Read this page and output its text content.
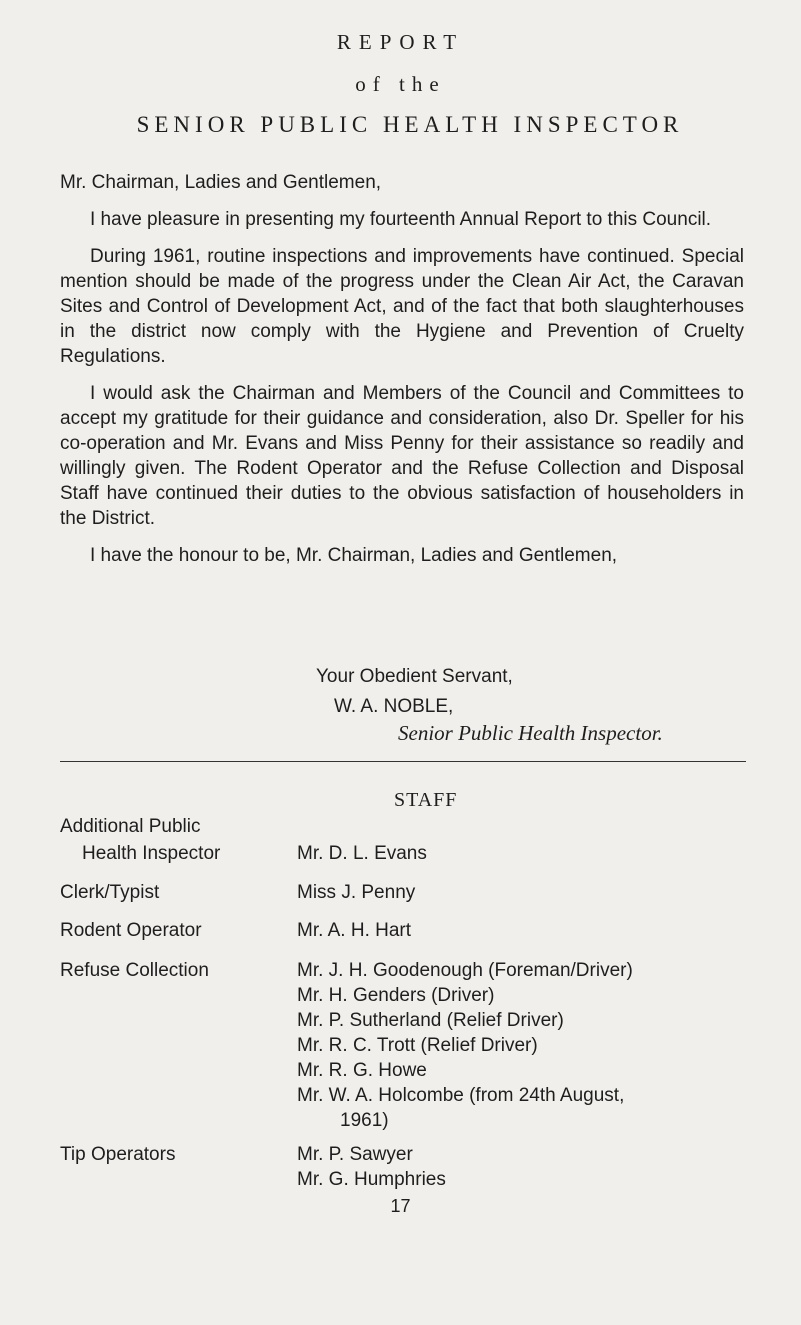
REPORT
of the
SENIOR PUBLIC HEALTH INSPECTOR

Mr. Chairman, Ladies and Gentlemen,

I have pleasure in presenting my fourteenth Annual Report to this Council.

During 1961, routine inspections and improvements have continued. Special mention should be made of the progress under the Clean Air Act, the Caravan Sites and Control of Development Act, and of the fact that both slaughterhouses in the district now comply with the Hygiene and Prevention of Cruelty Regulations.

I would ask the Chairman and Members of the Council and Committees to accept my gratitude for their guidance and consideration, also Dr. Speller for his co-operation and Mr. Evans and Miss Penny for their assistance so readily and willingly given. The Rodent Operator and the Refuse Collection and Disposal Staff have continued their duties to the obvious satisfaction of householders in the District.

I have the honour to be, Mr. Chairman, Ladies and Gentlemen,

Your Obedient Servant,
W. A. NOBLE,
Senior Public Health Inspector.
STAFF
Additional Public
Health Inspector	Mr. D. L. Evans
Clerk/Typist	Miss J. Penny
Rodent Operator	Mr. A. H. Hart
Refuse Collection	Mr. J. H. Goodenough (Foreman/Driver)
Mr. H. Genders (Driver)
Mr. P. Sutherland (Relief Driver)
Mr. R. C. Trott (Relief Driver)
Mr. R. G. Howe
Mr. W. A. Holcombe (from 24th August,
1961)
Tip Operators	Mr. P. Sawyer
Mr. G. Humphries
17
